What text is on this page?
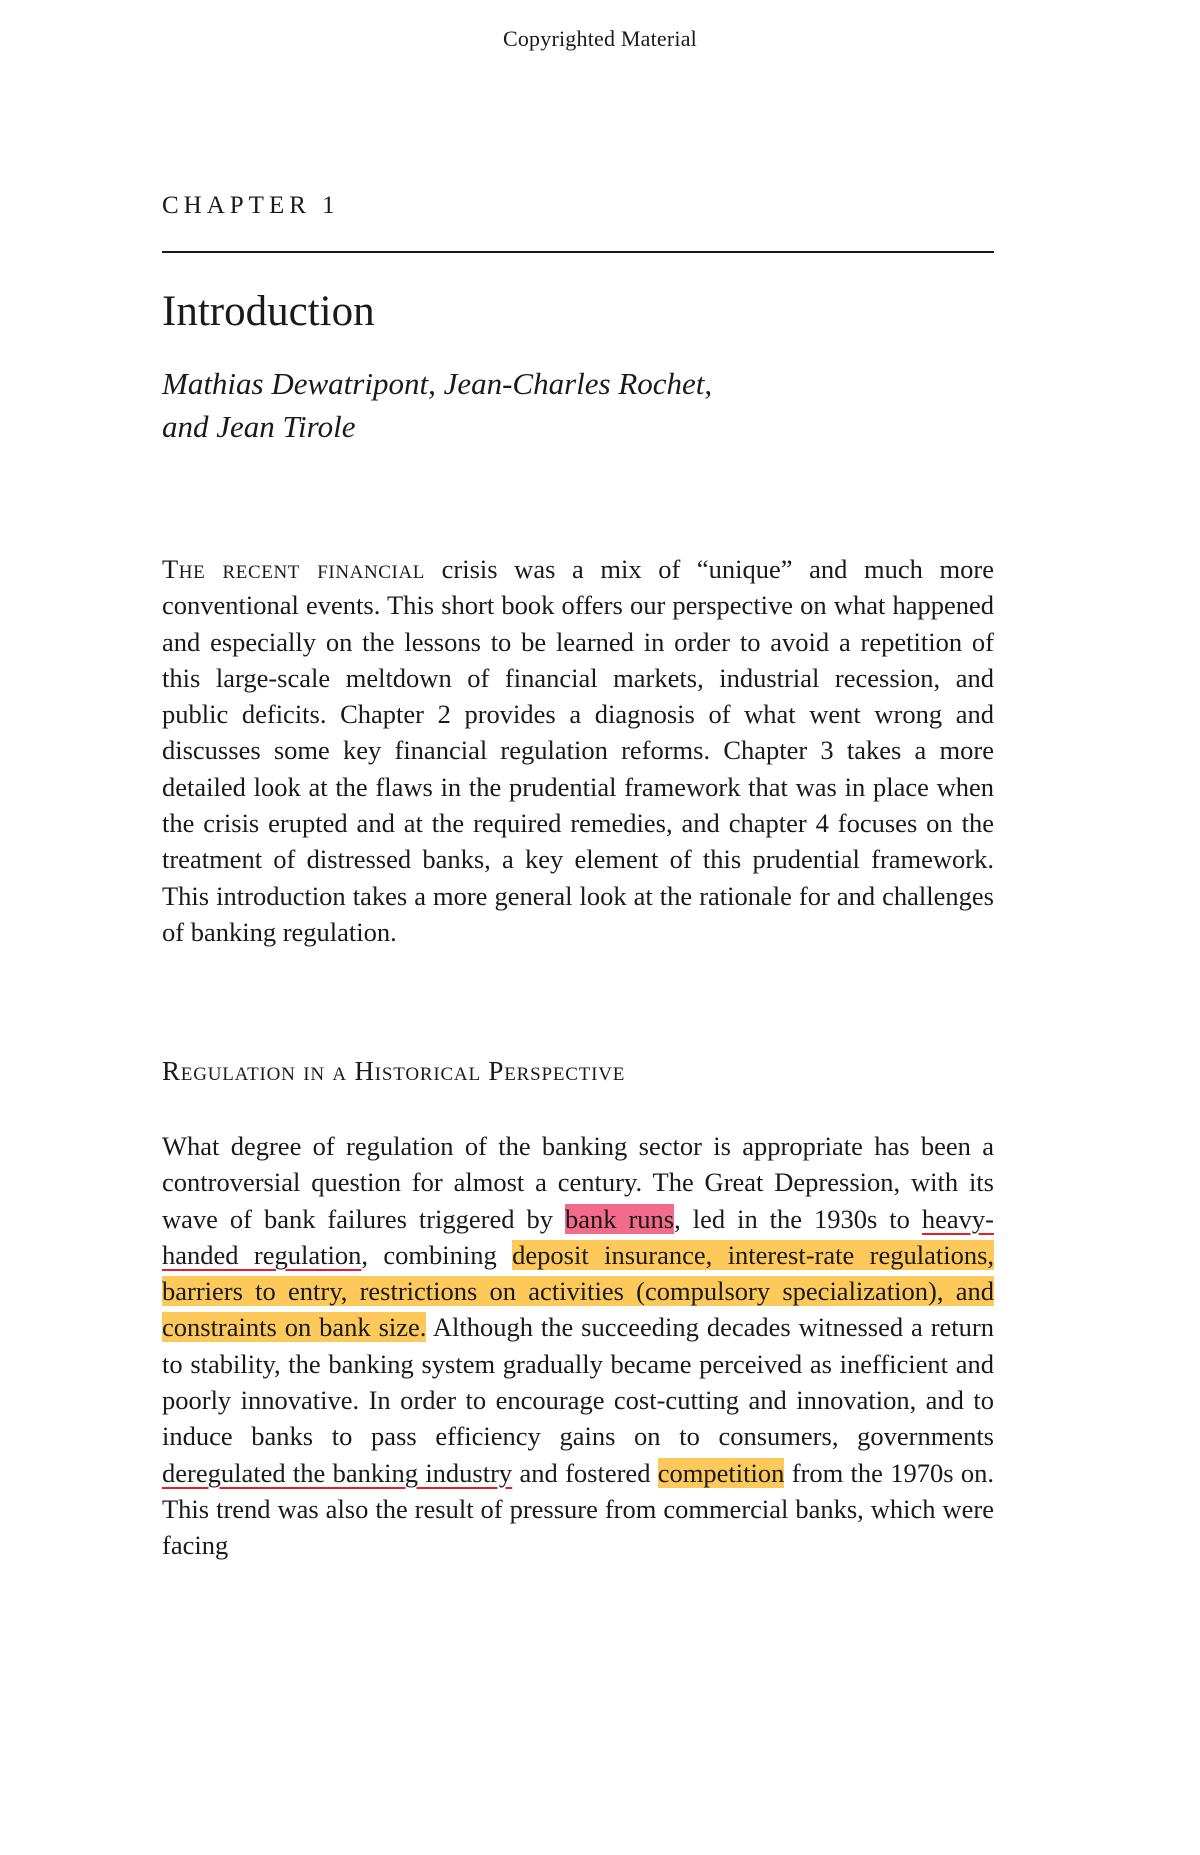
Copyrighted Material
CHAPTER 1
Introduction
Mathias Dewatripont, Jean-Charles Rochet,
and Jean Tirole

The recent financial crisis was a mix of “unique” and much more conventional events. This short book offers our perspective on what happened and especially on the lessons to be learned in order to avoid a repetition of this large-scale meltdown of financial markets, industrial recession, and public deficits. Chapter 2 provides a diagnosis of what went wrong and discusses some key financial regulation reforms. Chapter 3 takes a more detailed look at the flaws in the prudential framework that was in place when the crisis erupted and at the required remedies, and chapter 4 focuses on the treatment of distressed banks, a key element of this prudential framework. This introduction takes a more general look at the rationale for and challenges of banking regulation.

Regulation in a Historical Perspective

What degree of regulation of the banking sector is appropriate has been a controversial question for almost a century. The Great Depression, with its wave of bank failures triggered by bank runs, led in the 1930s to heavy-handed regulation, combining deposit insurance, interest-rate regulations, barriers to entry, restrictions on activities (compulsory specialization), and constraints on bank size. Although the succeeding decades witnessed a return to stability, the banking system gradually became perceived as inefficient and poorly innovative. In order to encourage cost-cutting and innovation, and to induce banks to pass efficiency gains on to consumers, governments deregulated the banking industry and fostered competition from the 1970s on. This trend was also the result of pressure from commercial banks, which were facing
